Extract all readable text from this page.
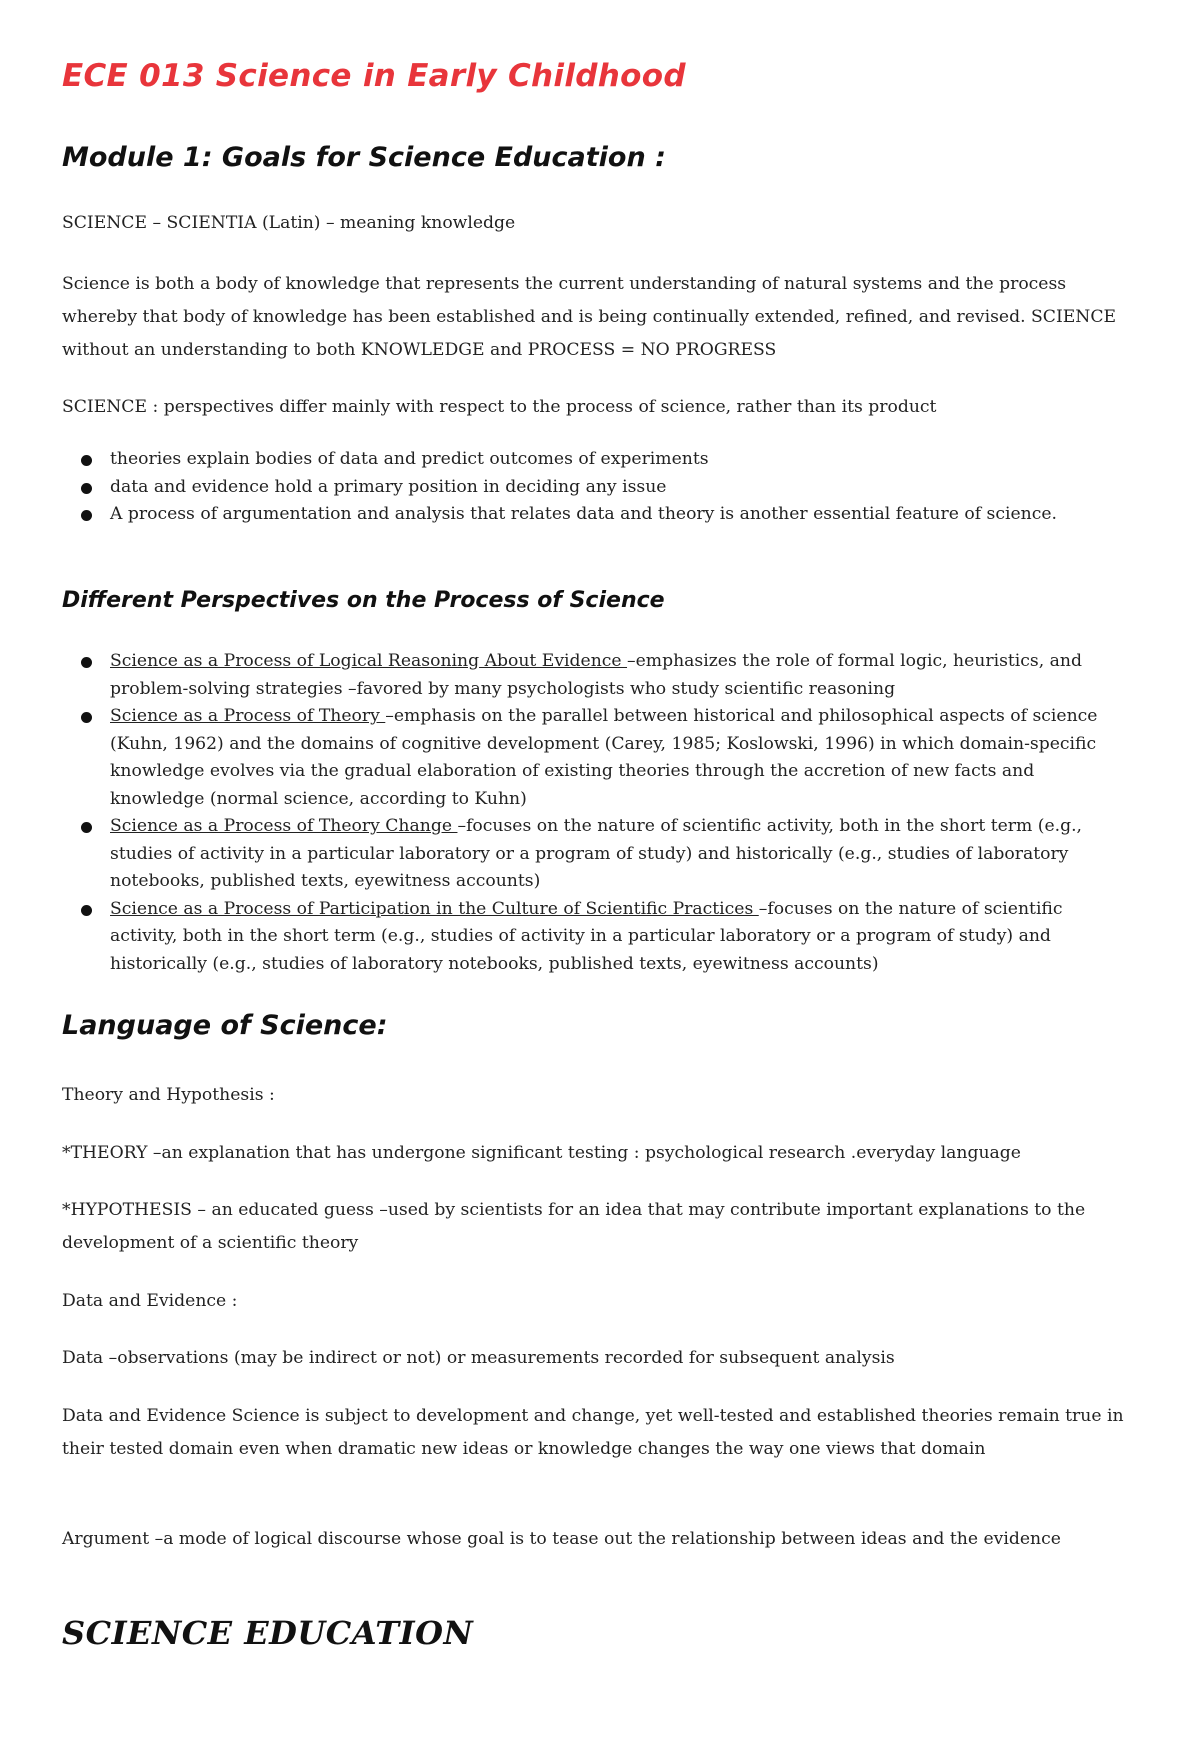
ECE 013 Science in Early Childhood
Module 1: Goals for Science Education :

SCIENCE – SCIENTIA (Latin) – meaning knowledge

Science is both a body of knowledge that represents the current understanding of natural systems and the process whereby that body of knowledge has been established and is being continually extended, refined, and revised. SCIENCE without an understanding to both KNOWLEDGE and PROCESS = NO PROGRESS

SCIENCE : perspectives differ mainly with respect to the process of science, rather than its product

theories explain bodies of data and predict outcomes of experiments
data and evidence hold a primary position in deciding any issue
A process of argumentation and analysis that relates data and theory is another essential feature of science.
Different Perspectives on the Process of Science
Science as a Process of Logical Reasoning About Evidence –emphasizes the role of formal logic, heuristics, and problem-solving strategies –favored by many psychologists who study scientific reasoning
Science as a Process of Theory –emphasis on the parallel between historical and philosophical aspects of science (Kuhn, 1962) and the domains of cognitive development (Carey, 1985; Koslowski, 1996) in which domain-specific knowledge evolves via the gradual elaboration of existing theories through the accretion of new facts and knowledge (normal science, according to Kuhn)
Science as a Process of Theory Change –focuses on the nature of scientific activity, both in the short term (e.g., studies of activity in a particular laboratory or a program of study) and historically (e.g., studies of laboratory notebooks, published texts, eyewitness accounts)
Science as a Process of Participation in the Culture of Scientific Practices –focuses on the nature of scientific activity, both in the short term (e.g., studies of activity in a particular laboratory or a program of study) and historically (e.g., studies of laboratory notebooks, published texts, eyewitness accounts)
Language of Science:

Theory and Hypothesis :

*THEORY –an explanation that has undergone significant testing : psychological research .everyday language

*HYPOTHESIS – an educated guess –used by scientists for an idea that may contribute important explanations to the development of a scientific theory

Data and Evidence :

Data –observations (may be indirect or not) or measurements recorded for subsequent analysis

Data and Evidence Science is subject to development and change, yet well-tested and established theories remain true in their tested domain even when dramatic new ideas or knowledge changes the way one views that domain

Argument –a mode of logical discourse whose goal is to tease out the relationship between ideas and the evidence

SCIENCE EDUCATION
